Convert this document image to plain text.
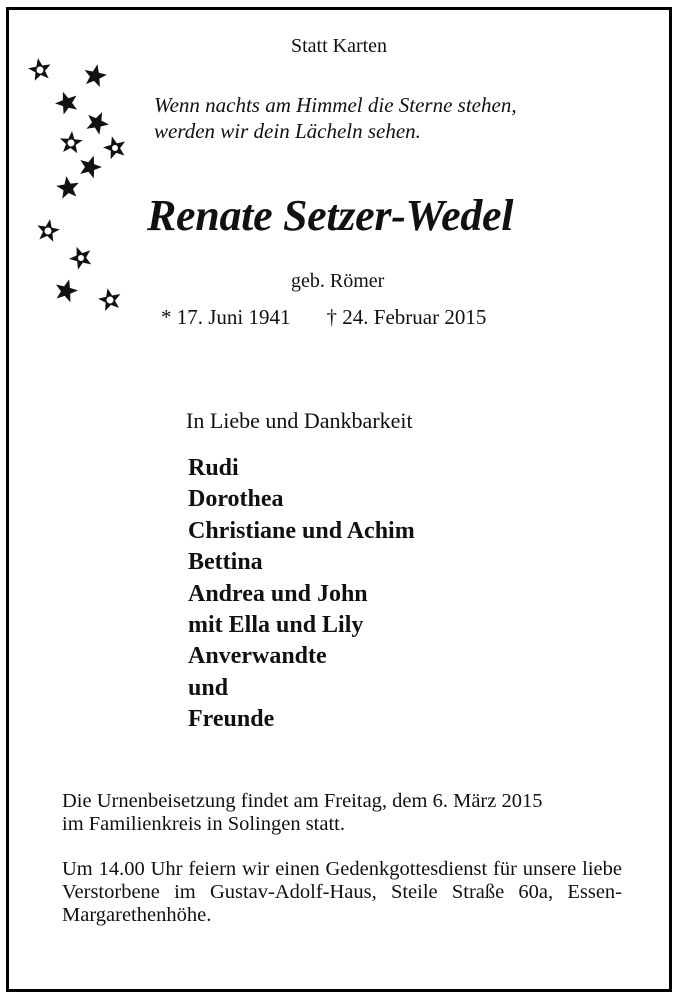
Statt Karten
Wenn nachts am Himmel die Sterne stehen,
werden wir dein Lächeln sehen.
Renate Setzer-Wedel
geb. Römer
* 17. Juni 1941 † 24. Februar 2015
In Liebe und Dankbarkeit
Rudi
Dorothea
Christiane und Achim
Bettina
Andrea und John
mit Ella und Lily
Anverwandte
und
Freunde
Die Urnenbeisetzung findet am Freitag, dem 6. März 2015
im Familienkreis in Solingen statt.
Um 14.00 Uhr feiern wir einen Gedenkgottesdienst für unsere liebe Verstorbene im Gustav-Adolf-Haus, Steile Straße 60a, Essen-Margarethenhöhe.
